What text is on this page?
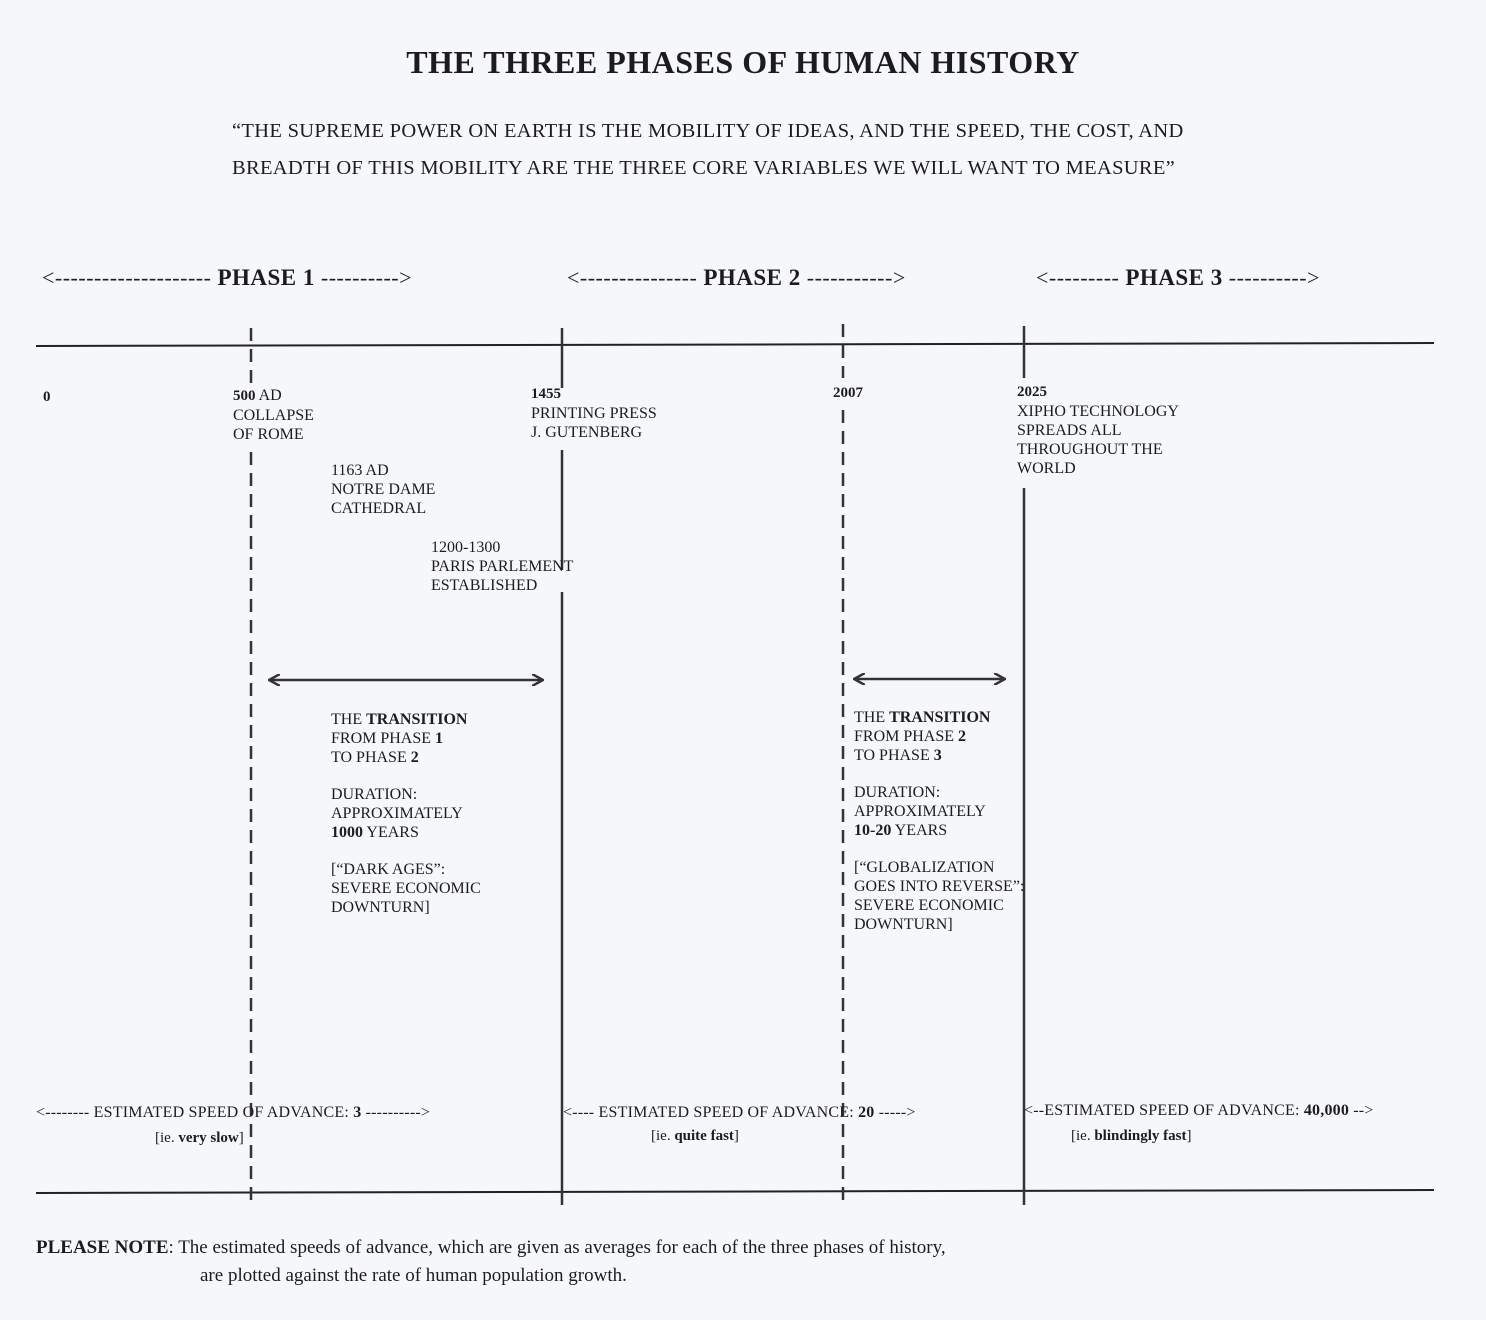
THE THREE PHASES OF HUMAN HISTORY
“THE SUPREME POWER ON EARTH IS THE MOBILITY OF IDEAS, AND THE SPEED, THE COST, AND
BREADTH OF THIS MOBILITY ARE THE THREE CORE VARIABLES WE WILL WANT TO MEASURE”
<-------------------- PHASE 1 ---------->	<--------------- PHASE 2 ----------->	<--------- PHASE 3 ---------->
0	500 AD
COLLAPSE
OF ROME
1455
PRINTING PRESS
J. GUTENBERG
2007	2025
XIPHO TECHNOLOGY
SPREADS ALL
THROUGHOUT THE
WORLD
1163 AD
NOTRE DAME
CATHEDRAL
1200-1300
PARIS PARLEMENT
ESTABLISHED
THE TRANSITION
FROM PHASE 1
TO PHASE 2
DURATION:
APPROXIMATELY
1000 YEARS
[“DARK AGES”:
SEVERE ECONOMIC
DOWNTURN]
THE TRANSITION
FROM PHASE 2
TO PHASE 3
DURATION:
APPROXIMATELY
10-20 YEARS
[“GLOBALIZATION
GOES INTO REVERSE”:
SEVERE ECONOMIC
DOWNTURN]
<-------- ESTIMATED SPEED OF ADVANCE: 3 ---------->
[ie. very slow]
<---- ESTIMATED SPEED OF ADVANCE: 20 ----->
[ie. quite fast]
<--ESTIMATED SPEED OF ADVANCE: 40,000 -->
[ie. blindingly fast]
PLEASE NOTE: The estimated speeds of advance, which are given as averages for each of the three phases of history,
are plotted against the rate of human population growth.
